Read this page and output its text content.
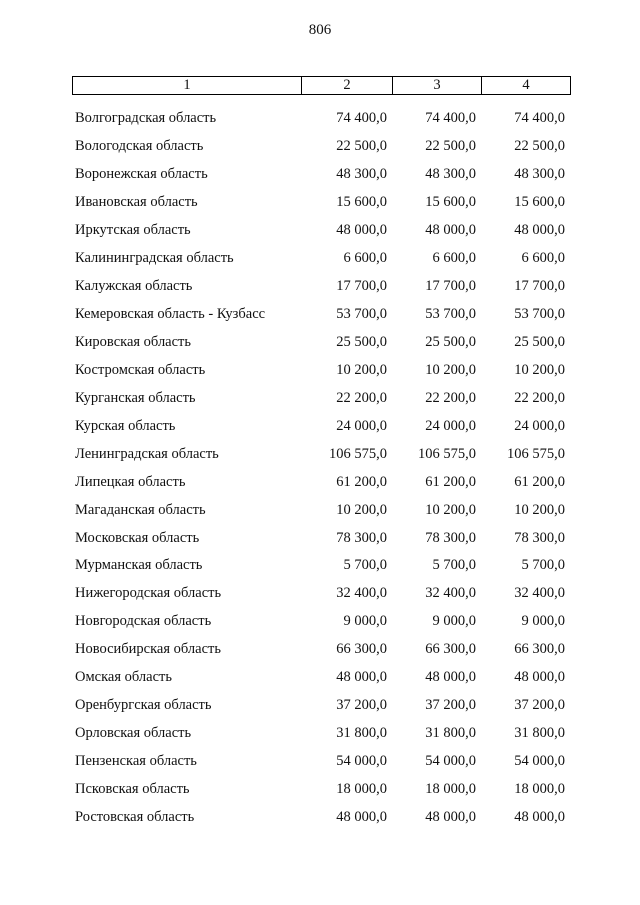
806
1	2	3	4
Волгоградская область	74 400,0	74 400,0	74 400,0
Вологодская область	22 500,0	22 500,0	22 500,0
Воронежская область	48 300,0	48 300,0	48 300,0
Ивановская область	15 600,0	15 600,0	15 600,0
Иркутская область	48 000,0	48 000,0	48 000,0
Калининградская область	6 600,0	6 600,0	6 600,0
Калужская область	17 700,0	17 700,0	17 700,0
Кемеровская область - Кузбасс	53 700,0	53 700,0	53 700,0
Кировская область	25 500,0	25 500,0	25 500,0
Костромская область	10 200,0	10 200,0	10 200,0
Курганская область	22 200,0	22 200,0	22 200,0
Курская область	24 000,0	24 000,0	24 000,0
Ленинградская область	106 575,0	106 575,0	106 575,0
Липецкая область	61 200,0	61 200,0	61 200,0
Магаданская область	10 200,0	10 200,0	10 200,0
Московская область	78 300,0	78 300,0	78 300,0
Мурманская область	5 700,0	5 700,0	5 700,0
Нижегородская область	32 400,0	32 400,0	32 400,0
Новгородская область	9 000,0	9 000,0	9 000,0
Новосибирская область	66 300,0	66 300,0	66 300,0
Омская область	48 000,0	48 000,0	48 000,0
Оренбургская область	37 200,0	37 200,0	37 200,0
Орловская область	31 800,0	31 800,0	31 800,0
Пензенская область	54 000,0	54 000,0	54 000,0
Псковская область	18 000,0	18 000,0	18 000,0
Ростовская область	48 000,0	48 000,0	48 000,0
